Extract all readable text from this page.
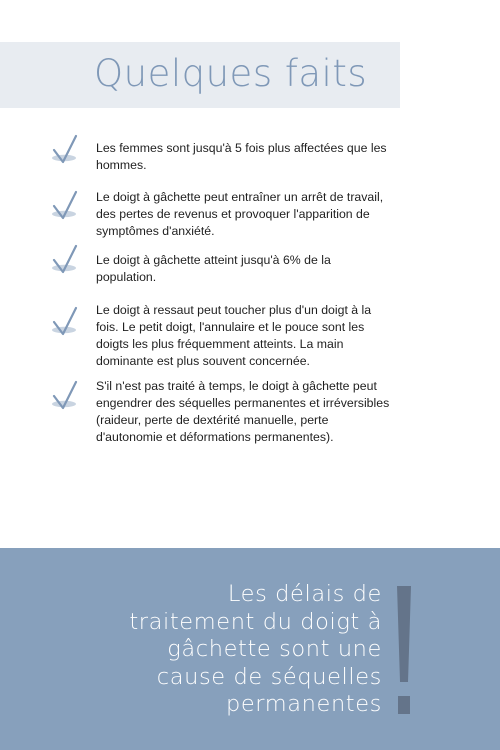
Quelques faits

Les femmes sont jusqu'à 5 fois plus affectées que les
hommes.

Le doigt à gâchette peut entraîner un arrêt de travail,
des pertes de revenus et provoquer l'apparition de
symptômes d'anxiété.

Le doigt à gâchette atteint jusqu'à 6% de la
population.

Le doigt à ressaut peut toucher plus d'un doigt à la
fois. Le petit doigt, l'annulaire et le pouce sont les
doigts les plus fréquemment atteints. La main
dominante est plus souvent concernée.

S'il n'est pas traité à temps, le doigt à gâchette peut
engendrer des séquelles permanentes et irréversibles
(raideur, perte de dextérité manuelle, perte
d'autonomie et déformations permanentes).

Les délais de
traitement du doigt à
gâchette sont une
cause de séquelles
permanentes
